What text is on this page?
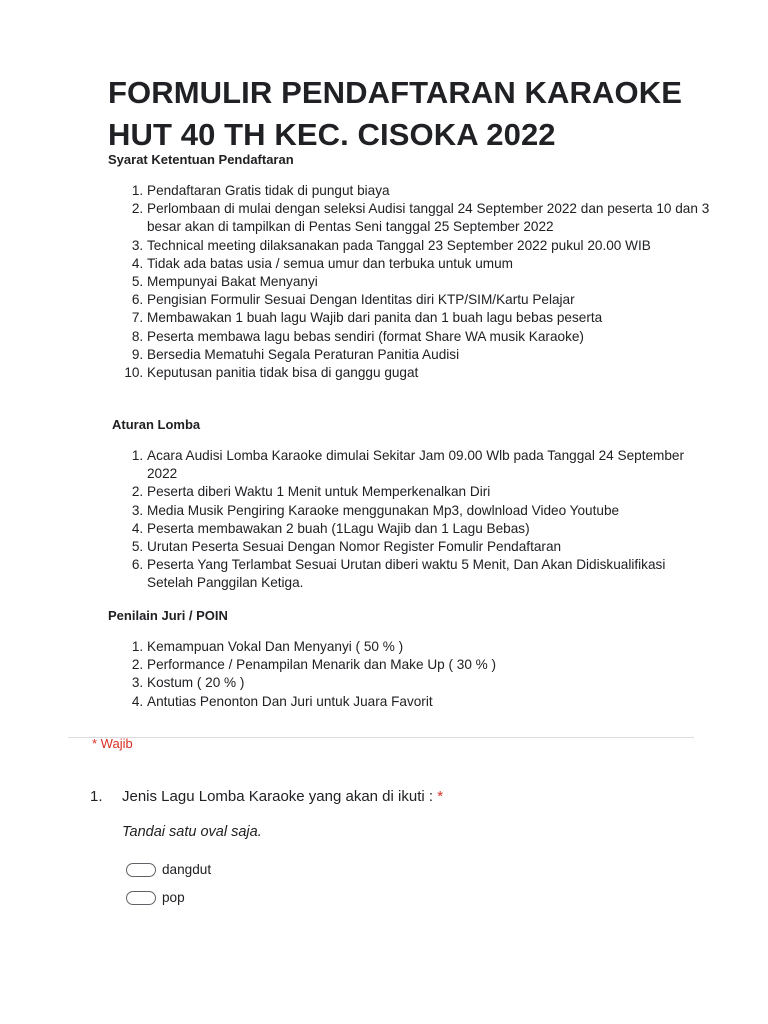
FORMULIR PENDAFTARAN KARAOKE HUT 40 TH KEC. CISOKA 2022
Syarat Ketentuan Pendaftaran
1. Pendaftaran Gratis tidak di pungut biaya
2. Perlombaan di mulai dengan seleksi Audisi tanggal 24 September 2022 dan peserta 10 dan 3 besar akan di tampilkan di Pentas Seni tanggal 25 September 2022
3. Technical meeting dilaksanakan pada Tanggal 23 September 2022 pukul 20.00 WIB
4. Tidak ada batas usia / semua umur dan terbuka untuk umum
5. Mempunyai Bakat Menyanyi
6. Pengisian Formulir Sesuai Dengan Identitas diri KTP/SIM/Kartu Pelajar
7. Membawakan 1 buah lagu Wajib dari panita dan 1 buah lagu bebas peserta
8. Peserta membawa lagu bebas sendiri (format Share WA musik Karaoke)
9. Bersedia Mematuhi Segala Peraturan Panitia Audisi
10. Keputusan panitia tidak bisa di ganggu gugat
Aturan Lomba
1. Acara Audisi Lomba Karaoke dimulai Sekitar Jam 09.00 Wlb pada Tanggal 24 September 2022
2. Peserta diberi Waktu 1 Menit untuk Memperkenalkan Diri
3. Media Musik Pengiring Karaoke menggunakan Mp3, dowlnload Video Youtube
4. Peserta membawakan 2 buah (1Lagu Wajib dan 1 Lagu Bebas)
5. Urutan Peserta Sesuai Dengan Nomor Register Fomulir Pendaftaran
6. Peserta Yang Terlambat Sesuai Urutan diberi waktu 5 Menit, Dan Akan Didiskualifikasi Setelah Panggilan Ketiga.
Penilain Juri / POIN
1. Kemampuan Vokal Dan Menyanyi ( 50 % )
2. Performance / Penampilan Menarik dan Make Up ( 30 % )
3. Kostum ( 20 % )
4. Antutias Penonton Dan Juri untuk Juara Favorit
* Wajib
1. Jenis Lagu Lomba Karaoke yang akan di ikuti : *
Tandai satu oval saja.
dangdut
pop
